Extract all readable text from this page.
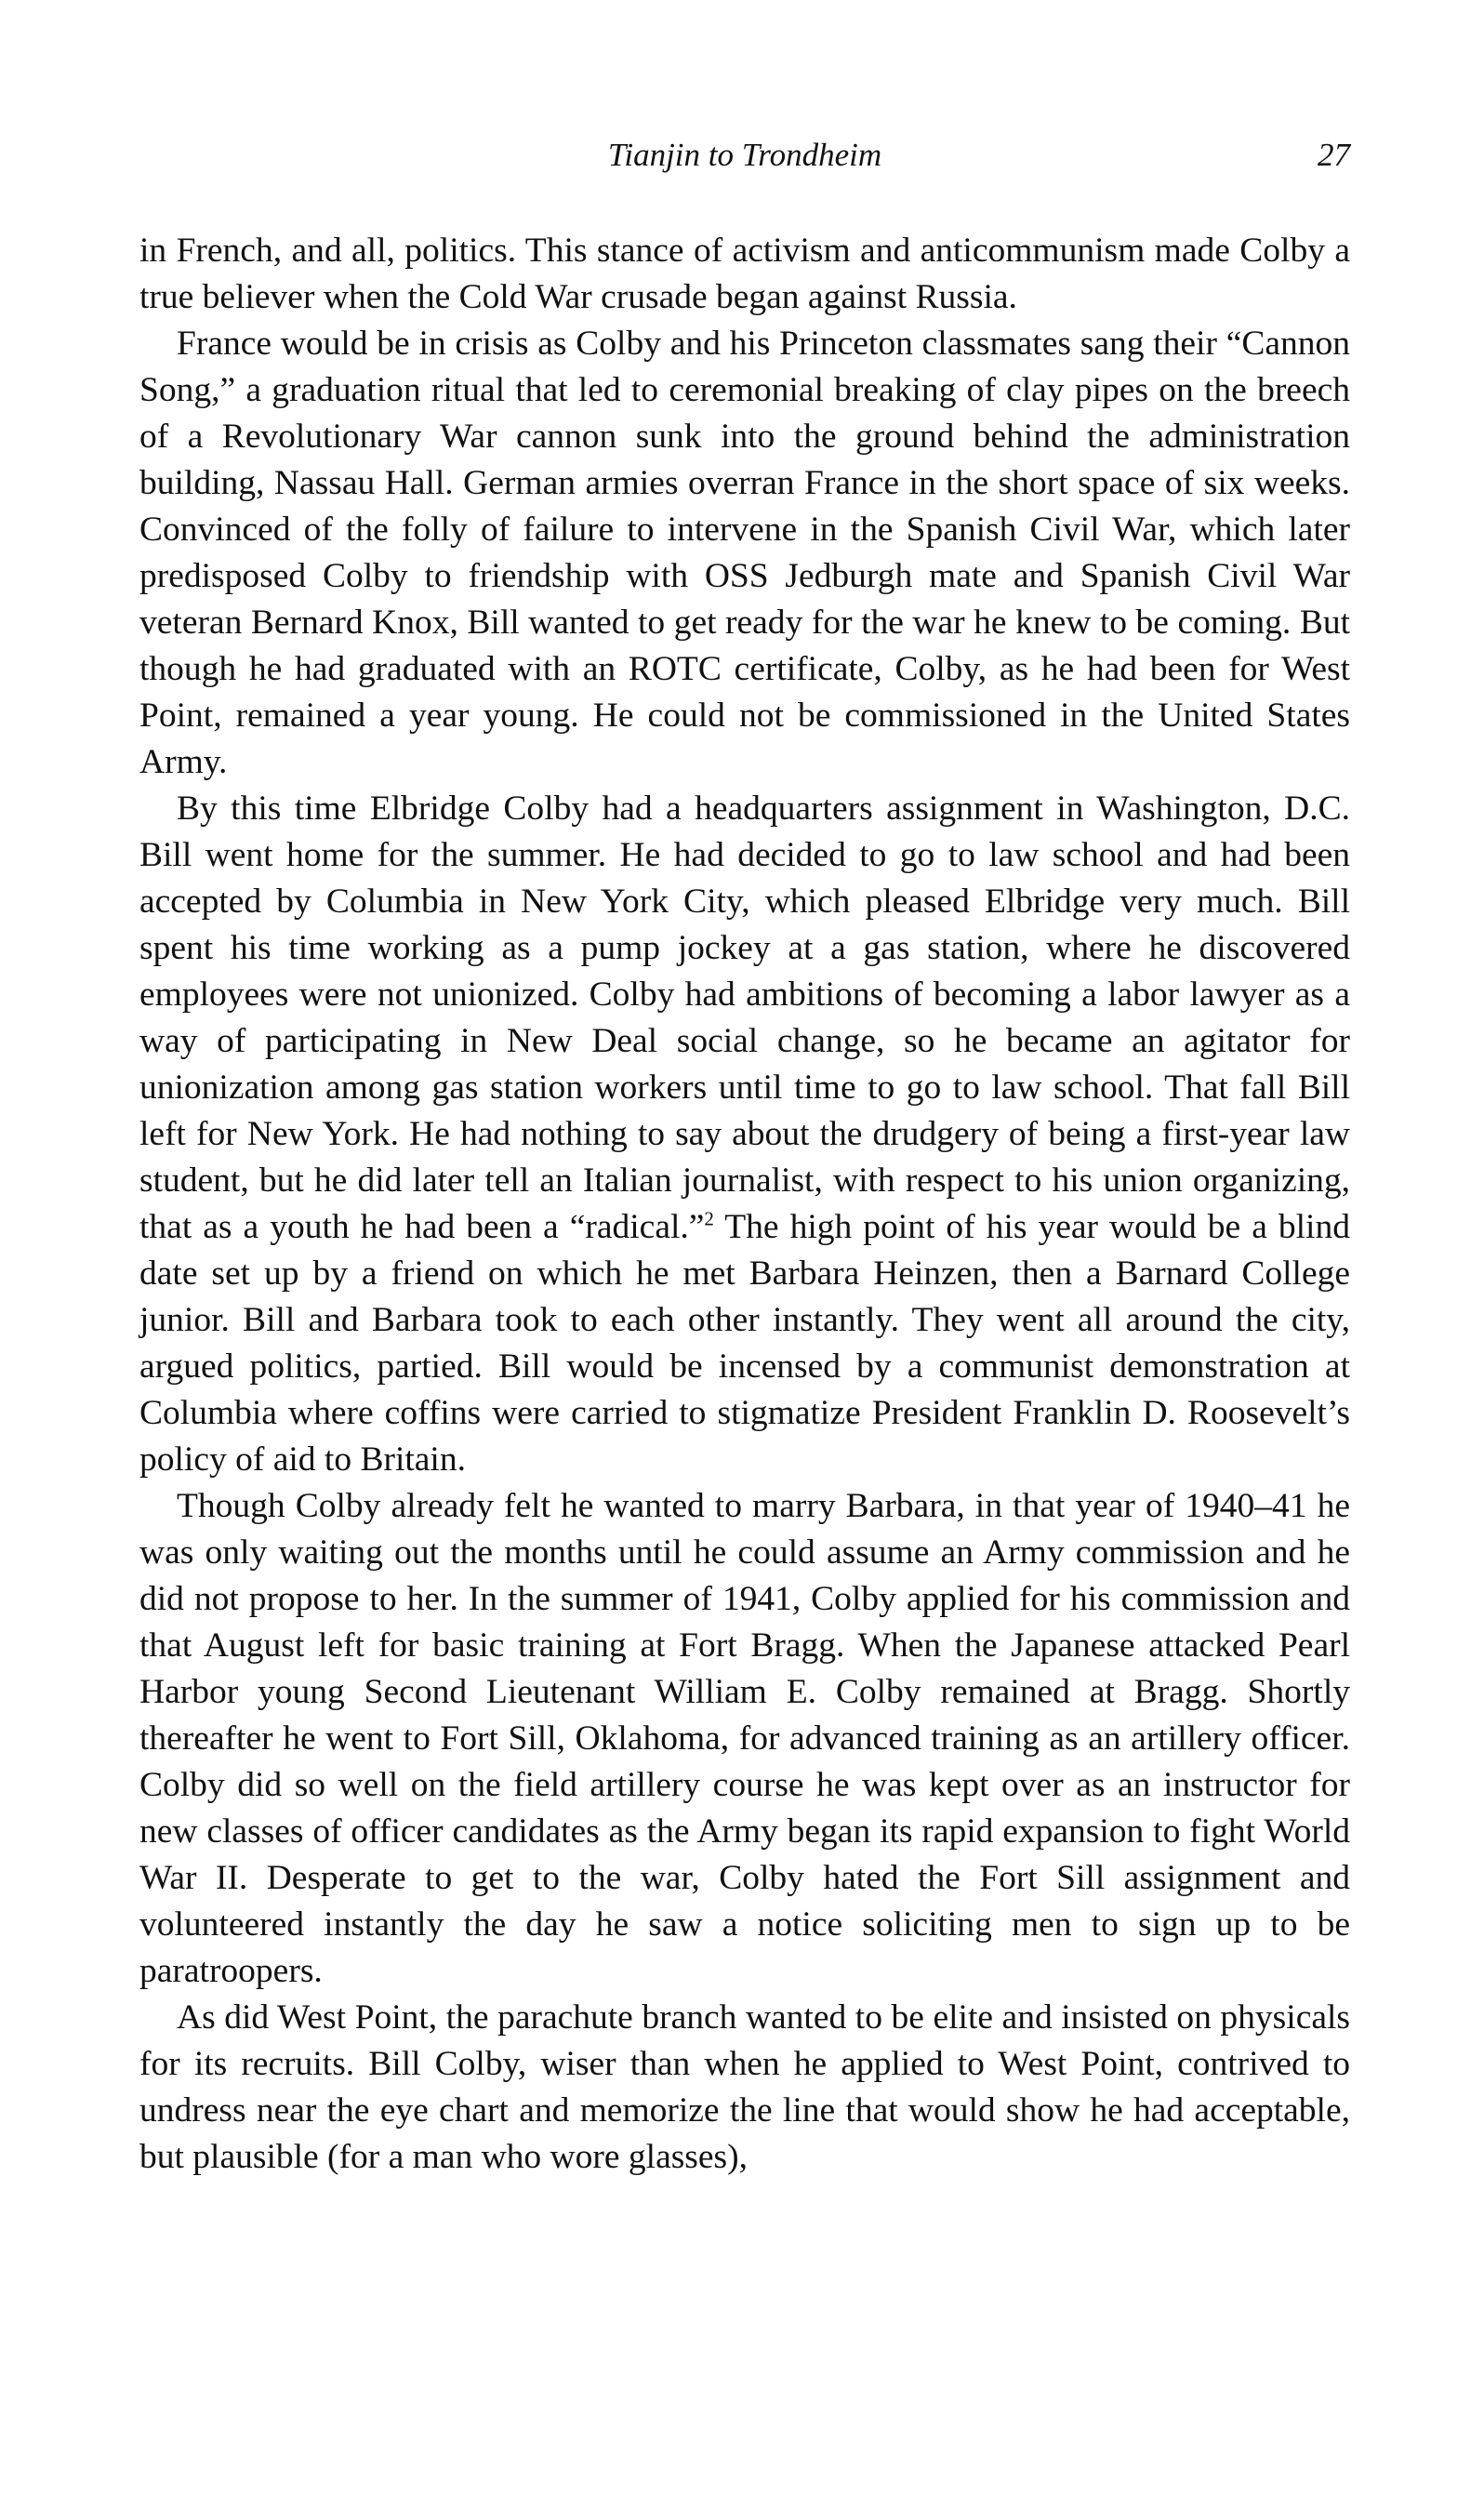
Tianjin to Trondheim	27

in French, and all, politics. This stance of activism and anticommunism made Colby a true believer when the Cold War crusade began against Russia.

France would be in crisis as Colby and his Princeton classmates sang their “Cannon Song,” a graduation ritual that led to ceremonial breaking of clay pipes on the breech of a Revolutionary War cannon sunk into the ground behind the administration building, Nassau Hall. German armies overran France in the short space of six weeks. Convinced of the folly of failure to intervene in the Spanish Civil War, which later predisposed Colby to friendship with OSS Jedburgh mate and Spanish Civil War veteran Bernard Knox, Bill wanted to get ready for the war he knew to be coming. But though he had graduated with an ROTC certificate, Colby, as he had been for West Point, remained a year young. He could not be commissioned in the United States Army.

By this time Elbridge Colby had a headquarters assignment in Washington, D.C. Bill went home for the summer. He had decided to go to law school and had been accepted by Columbia in New York City, which pleased Elbridge very much. Bill spent his time working as a pump jockey at a gas station, where he discovered employees were not unionized. Colby had ambitions of becoming a labor lawyer as a way of participating in New Deal social change, so he became an agitator for unionization among gas station workers until time to go to law school. That fall Bill left for New York. He had nothing to say about the drudgery of being a first-year law student, but he did later tell an Italian journalist, with respect to his union organizing, that as a youth he had been a “radical.”$^2$ The high point of his year would be a blind date set up by a friend on which he met Barbara Heinzen, then a Barnard College junior. Bill and Barbara took to each other instantly. They went all around the city, argued politics, partied. Bill would be incensed by a communist demonstration at Columbia where coffins were carried to stigmatize President Franklin D. Roosevelt’s policy of aid to Britain.

Though Colby already felt he wanted to marry Barbara, in that year of 1940–41 he was only waiting out the months until he could assume an Army commission and he did not propose to her. In the summer of 1941, Colby applied for his commission and that August left for basic training at Fort Bragg. When the Japanese attacked Pearl Harbor young Second Lieutenant William E. Colby remained at Bragg. Shortly thereafter he went to Fort Sill, Oklahoma, for advanced training as an artillery officer. Colby did so well on the field artillery course he was kept over as an instructor for new classes of officer candidates as the Army began its rapid expansion to fight World War II. Desperate to get to the war, Colby hated the Fort Sill assignment and volunteered instantly the day he saw a notice soliciting men to sign up to be paratroopers.

As did West Point, the parachute branch wanted to be elite and insisted on physicals for its recruits. Bill Colby, wiser than when he applied to West Point, contrived to undress near the eye chart and memorize the line that would show he had acceptable, but plausible (for a man who wore glasses),
